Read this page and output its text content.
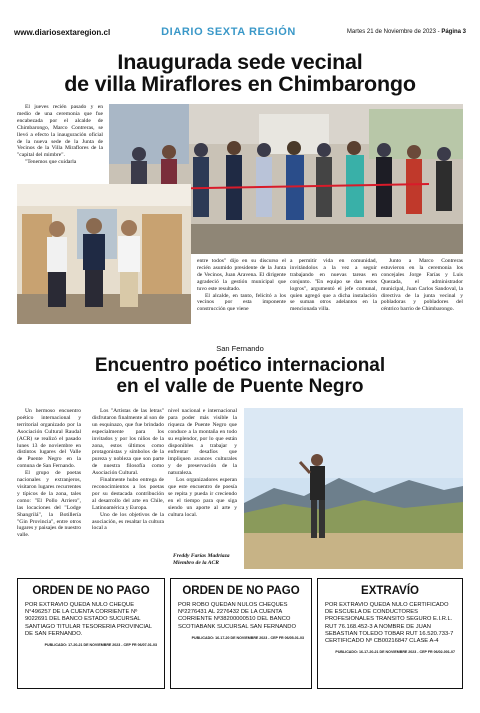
www.diariosextaregion.cl	DIARIO SEXTA REGIÓN	Martes 21 de Noviembre de 2023 - Página 3
Inaugurada sede vecinal
de villa Miraflores en Chimbarongo

El jueves recién pasado y en medio de una ceremonia que fue encabezada por el alcalde de Chimbarongo, Marco Contreras, se llevó a efecto la inauguración oficial de la nueva sede de la Junta de Vecinos de la Villa Miraflores de la "capital del mimbre".

"Tenemos que cuidarla

entre todos" dijo en su discurso el recién asumido presidente de la Junta de Vecinos, Juan Aravena. El dirigente agradeció la gestión municipal que tuvo este resultado.

El alcalde, en tanto, felicitó a los vecinos por esta imponente construcción que viene

a permitir vida en comunidad, invitándolos a la vez a seguir trabajando en nuevas tareas en conjunto. "En equipo se dan estos logros", argumentó el jefe comunal, quien agregó que a dicha instalación se suman otros adelantos en la mencionada villa.

Junto a Marco Contreras estuvieron en la ceremonia los concejales Jorge Farías y Luis Quezada, el administrador municipal, Juan Carlos Sandoval, la directiva de la junta vecinal y pobladoras y pobladores del céntrico barrio de Chimbarongo.

San Fernando
Encuentro poético internacional
en el valle de Puente Negro

Un hermoso encuentro poético internacional y territorial organizado por la Asociación Cultural Raudal (ACR) se realizó el pasado lunes 13 de noviembre en distintos lugares del Valle de Puente Negro en la comuna de San Fernando.

El grupo de poetas nacionales y extranjeros, visitaron lugares recurrentes y típicos de la zona, tales como: "El Pollo Arriero", las locaciones del "Lodge Shangrilá", la Botillería "Gin Provincia", entre otros lugares y paisajes de nuestro valle.

Los "Artistas de las letras" disfrutaron finalmente al son de un esquinazo, que fue brindado especialmente para los invitados y por los niños de la zona, estos últimos como protagonistas y símbolos de la pureza y nobleza que son parte de nuestra filosofía como Asociación Cultural.

Finalmente hubo entrega de reconocimientos a los poetas por su destacada contribución al desarrollo del arte en Chile, Latinoamérica y Europa.

Uno de los objetivos de la asociación, es resaltar la cultura local a

nivel nacional e internacional para poder más visible la riqueza de Puente Negro que conduce a la montaña en todo su esplendor, por lo que están disponibles a trabajar y enfrentar desafíos que impliquen avances culturales y de preservación de la naturaleza.

Los organizadores esperan que este encuentro de poesía se repita y pueda ir creciendo en el tiempo para que siga siendo un aporte al arte y cultura local.

Freddy Farías Madriaza
Miembro de la ACR
ORDEN DE NO PAGO
POR EXTRAVIO QUEDA NULO CHEQUE N°496257 DE LA CUENTA CORRIENTE Nº 9022691 DEL BANCO ESTADO SUCURSAL SANTIAGO TITULAR TESORERIA PROVINCIAL DE SAN FERNANDO.
PUBLICADO: 17-20-21 DE NOVIEMBRE 2023 - CEP FR 06/07-01-03
ORDEN DE NO PAGO
POR ROBO QUEDAN NULOS CHEQUES Nº2276431 AL 2276432 DE LA CUENTA CORRIENTE Nº38200000510 DEL BANCO SCOTIABANK SUCURSAL SAN FERNANDO
PUBLICADO: 16-17-20 DE NOVIEMBRE 2023 - CEP FR 06/05-01-03
EXTRAVÍO
POR EXTRAVIO QUEDA NULO CERTIFICADO DE ESCUELA DE CONDUCTORES PROFESIONALES TRANSITO SEGURO E.I.R.L. RUT 76.168.452-3 A NOMBRE DE JUAN SEBASTIAN TOLEDO TOBAR RUT 16.520.733-7 CERTIFICADO Nº CB00216847 CLASE A-4
PUBLICADO: 16-17-20-21 DE NOVIEMBRE 2023 - CEP FR 06/02-001-07
